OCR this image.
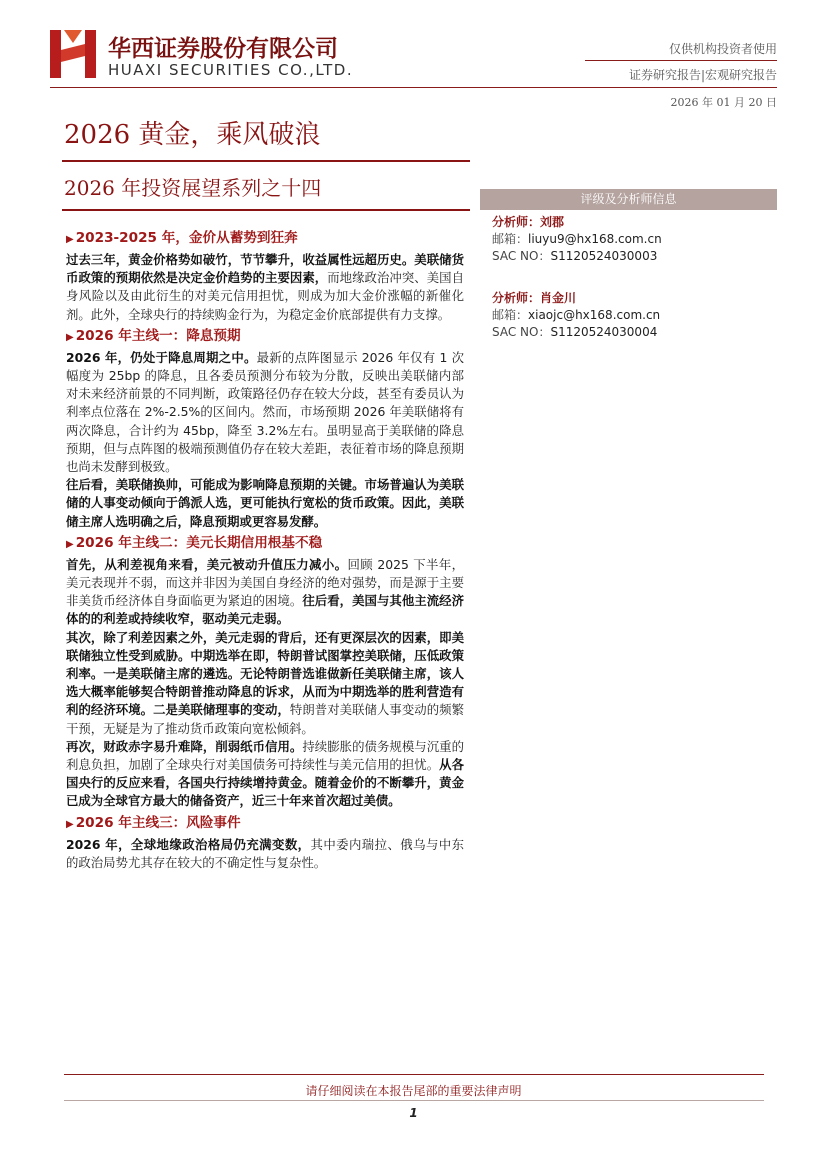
华西证券股份有限公司
HUAXI SECURITIES CO.,LTD.
仅供机构投资者使用
证券研究报告|宏观研究报告
2026 年 01 月 20 日
2026 黄金，乘风破浪
2026 年投资展望系列之十四	评级及分析师信息
分析师：刘郡
邮箱：liuyu9@hx168.com.cn
SAC NO：S1120524030003
分析师：肖金川
邮箱：xiaojc@hx168.com.cn
SAC NO：S1120524030004
▶ 2023-2025 年，金价从蓄势到狂奔

过去三年，黄金价格势如破竹，节节攀升，收益属性远超历史。美联储货币政策的预期依然是决定金价趋势的主要因素，而地缘政治冲突、美国自身风险以及由此衍生的对美元信用担忧，则成为加大金价涨幅的新催化剂。此外，全球央行的持续购金行为，为稳定金价底部提供有力支撑。

▶ 2026 年主线一：降息预期

2026 年，仍处于降息周期之中。最新的点阵图显示 2026 年仅有 1 次幅度为 25bp 的降息，且各委员预测分布较为分散，反映出美联储内部对未来经济前景的不同判断，政策路径仍存在较大分歧，甚至有委员认为利率点位落在 2%-2.5%的区间内。然而，市场预期 2026 年美联储将有两次降息，合计约为 45bp，降至 3.2%左右。虽明显高于美联储的降息预期，但与点阵图的极端预测值仍存在较大差距，表征着市场的降息预期也尚未发酵到极致。

往后看，美联储换帅，可能成为影响降息预期的关键。市场普遍认为美联储的人事变动倾向于鸽派人选，更可能执行宽松的货币政策。因此，美联储主席人选明确之后，降息预期或更容易发酵。

▶ 2026 年主线二：美元长期信用根基不稳

首先，从利差视角来看，美元被动升值压力减小。回顾 2025 下半年，美元表现并不弱，而这并非因为美国自身经济的绝对强势，而是源于主要非美货币经济体自身面临更为紧迫的困境。往后看，美国与其他主流经济体的的利差或持续收窄，驱动美元走弱。

其次，除了利差因素之外，美元走弱的背后，还有更深层次的因素，即美联储独立性受到威胁。中期选举在即，特朗普试图掌控美联储，压低政策利率。一是美联储主席的遴选。无论特朗普选谁做新任美联储主席，该人选大概率能够契合特朗普推动降息的诉求，从而为中期选举的胜利营造有利的经济环境。二是美联储理事的变动，特朗普对美联储人事变动的频繁干预，无疑是为了推动货币政策向宽松倾斜。

再次，财政赤字易升难降，削弱纸币信用。持续膨胀的债务规模与沉重的利息负担，加剧了全球央行对美国债务可持续性与美元信用的担忧。从各国央行的反应来看，各国央行持续增持黄金。随着金价的不断攀升，黄金已成为全球官方最大的储备资产，近三十年来首次超过美债。

▶ 2026 年主线三：风险事件

2026 年，全球地缘政治格局仍充满变数，其中委内瑞拉、俄乌与中东的政治局势尤其存在较大的不确定性与复杂性。

请仔细阅读在本报告尾部的重要法律声明
1
